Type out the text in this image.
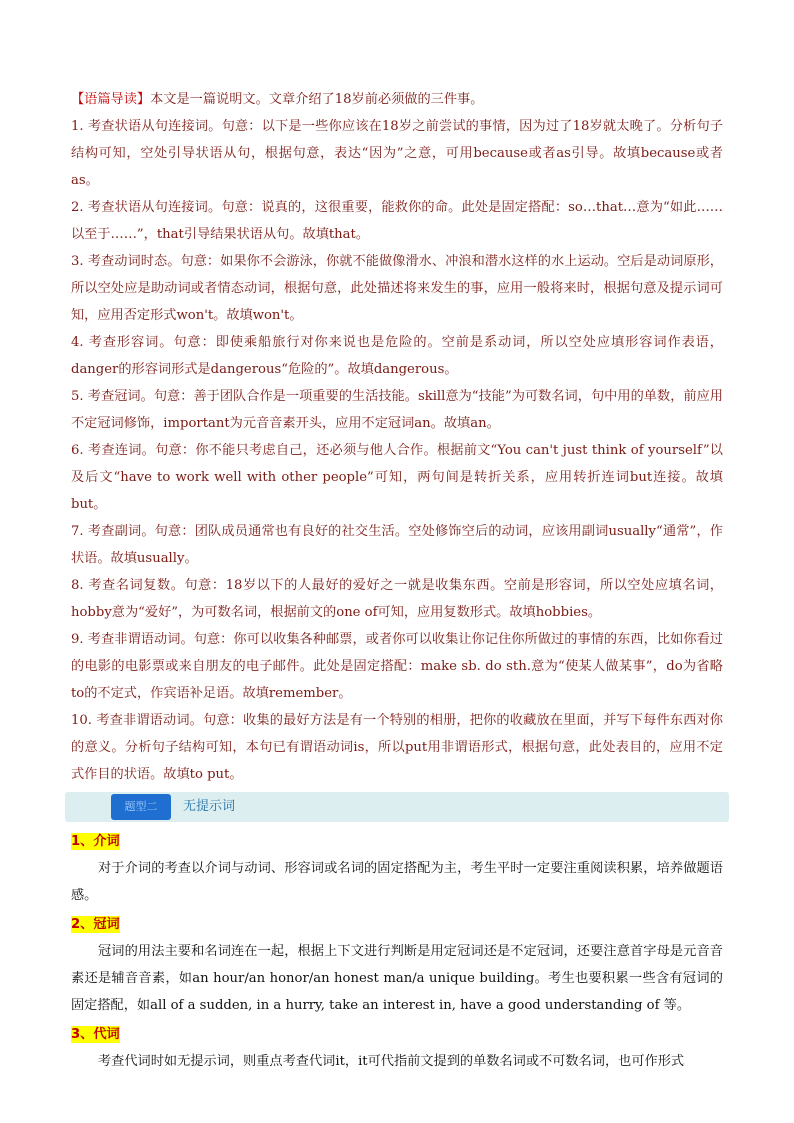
【语篇导读】本文是一篇说明文。文章介绍了18岁前必须做的三件事。

1. 考查状语从句连接词。句意：以下是一些你应该在18岁之前尝试的事情，因为过了18岁就太晚了。分析句子结构可知，空处引导状语从句，根据句意，表达“因为”之意，可用because或者as引导。故填because或者as。

2. 考查状语从句连接词。句意：说真的，这很重要，能救你的命。此处是固定搭配：so…that…意为“如此……以至于……”，that引导结果状语从句。故填that。

3. 考查动词时态。句意：如果你不会游泳，你就不能做像滑水、冲浪和潜水这样的水上运动。空后是动词原形，所以空处应是助动词或者情态动词，根据句意，此处描述将来发生的事，应用一般将来时，根据句意及提示词可知，应用否定形式won't。故填won't。

4. 考查形容词。句意：即使乘船旅行对你来说也是危险的。空前是系动词，所以空处应填形容词作表语，danger的形容词形式是dangerous“危险的”。故填dangerous。

5. 考查冠词。句意：善于团队合作是一项重要的生活技能。skill意为“技能”为可数名词，句中用的单数，前应用不定冠词修饰，important为元音音素开头，应用不定冠词an。故填an。

6. 考查连词。句意：你不能只考虑自己，还必须与他人合作。根据前文“You can't just think of yourself”以及后文“have to work well with other people”可知，两句间是转折关系，应用转折连词but连接。故填but。

7. 考查副词。句意：团队成员通常也有良好的社交生活。空处修饰空后的动词，应该用副词usually“通常”，作状语。故填usually。

8. 考查名词复数。句意：18岁以下的人最好的爱好之一就是收集东西。空前是形容词，所以空处应填名词，hobby意为“爱好”，为可数名词，根据前文的one of可知，应用复数形式。故填hobbies。

9. 考查非谓语动词。句意：你可以收集各种邮票，或者你可以收集让你记住你所做过的事情的东西，比如你看过的电影的电影票或来自朋友的电子邮件。此处是固定搭配：make sb. do sth.意为“使某人做某事”，do为省略to的不定式，作宾语补足语。故填remember。

10. 考查非谓语动词。句意：收集的最好方法是有一个特别的相册，把你的收藏放在里面，并写下每件东西对你的意义。分析句子结构可知，本句已有谓语动词is，所以put用非谓语形式，根据句意，此处表目的，应用不定式作目的状语。故填to put。

题型二	无提示词

1、介词

对于介词的考查以介词与动词、形容词或名词的固定搭配为主，考生平时一定要注重阅读积累，培养做题语感。

2、冠词

冠词的用法主要和名词连在一起，根据上下文进行判断是用定冠词还是不定冠词，还要注意首字母是元音音素还是辅音音素，如an hour/an honor/an honest man/a unique building。考生也要积累一些含有冠词的固定搭配，如all of a sudden, in a hurry, take an interest in, have a good understanding of 等。

3、代词

考查代词时如无提示词，则重点考查代词it，it可代指前文提到的单数名词或不可数名词，也可作形式
